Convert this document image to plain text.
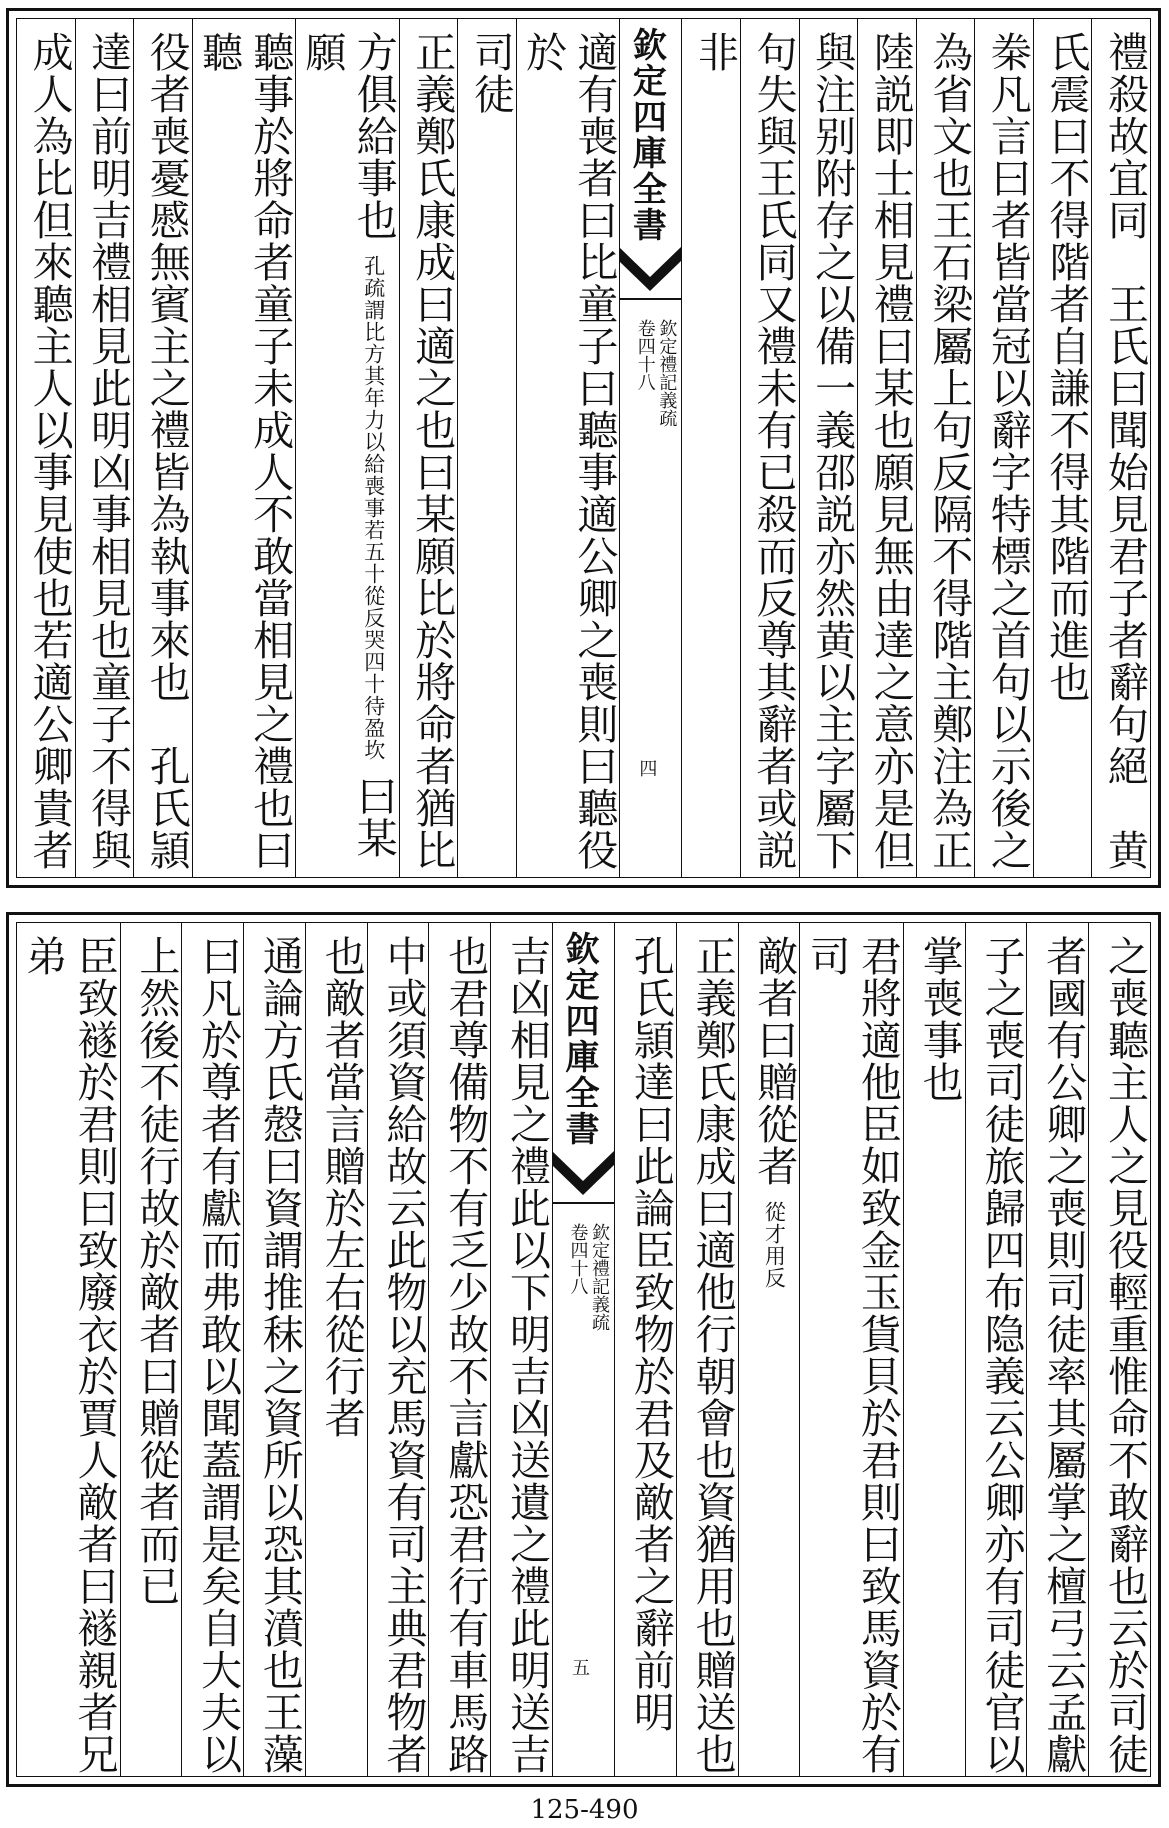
禮殺故宜同　王氏曰聞始見君子者辭句絕　黄
氏震曰不得階者自謙不得其階而進也
桊凡言曰者皆當冠以辭字特標之首句以示後之
為省文也王石梁屬上句反隔不得階主鄭注為正
陸説即士相見禮曰某也願見無由達之意亦是但
與注别附存之以備一義邵説亦然黄以主字屬下
句失與王氏同又禮未有已殺而反尊其辭者或説
非
欽定四庫全書
欽定禮記義疏
卷四十八
四
適有喪者曰比童子曰聽事適公卿之喪則曰聽役於
司徒
正義鄭氏康成曰適之也曰某願比於將命者猶比
方俱給事也 孔疏謂比方其年力以給喪事若五十從反哭四十待盈坎 曰某願
聽事於將命者童子未成人不敢當相見之禮也曰聽
役者喪憂慼無賓主之禮皆為執事來也　孔氏頴
達曰前明吉禮相見此明凶事相見也童子不得與
成人為比但來聽主人以事見使也若適公卿貴者
之喪聽主人之見役輕重惟命不敢辭也云於司徒
者國有公卿之喪則司徒率其屬掌之檀弓云孟獻
子之喪司徒旅歸四布隐義云公卿亦有司徒官以
掌喪事也
君將適他臣如致金玉貨貝於君則曰致馬資於有司
敵者曰贈從者 從才用反
正義鄭氏康成曰適他行朝會也資猶用也贈送也
孔氏頴達曰此論臣致物於君及敵者之辭前明
欽定四庫全書
欽定禮記義疏
卷四十八
五
吉凶相見之禮此以下明吉凶送遺之禮此明送吉
也君尊備物不有乏少故不言獻恐君行有車馬路
中或須資給故云此物以充馬資有司主典君物者
也敵者當言贈於左右從行者
通論方氏慤曰資謂推秣之資所以恐其濆也王藻
曰凡於尊者有獻而弗敢以聞蓋謂是矣自大夫以
上然後不徒行故於敵者曰贈從者而已
臣致襚於君則曰致廢衣於賈人敵者曰襚親者兄弟
125-490
